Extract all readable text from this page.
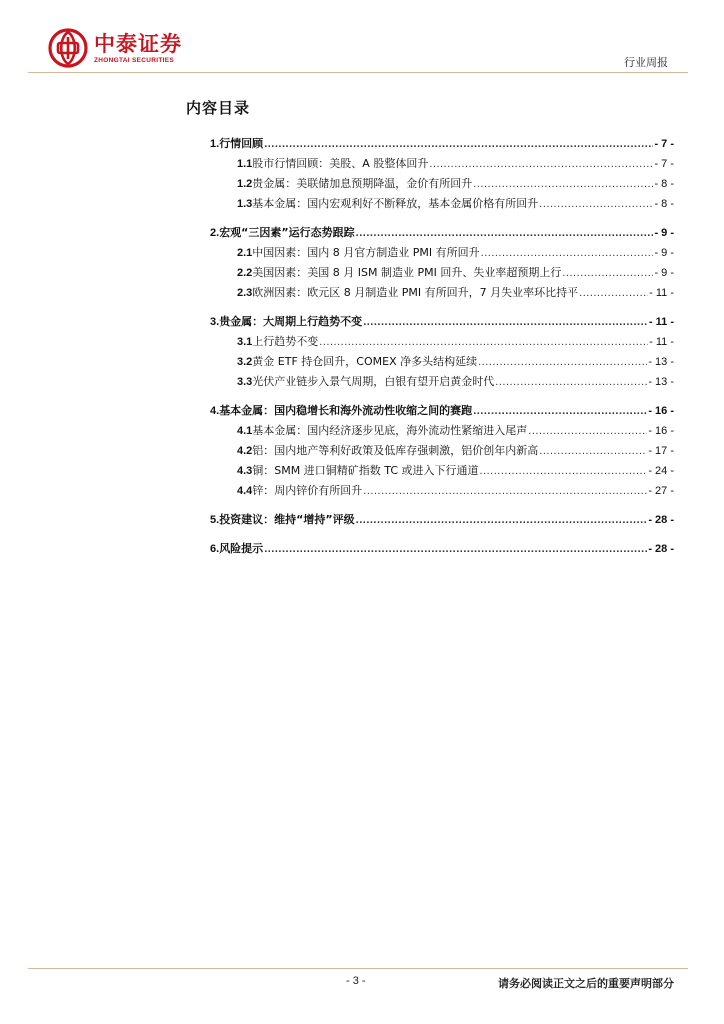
中泰证券
ZHONGTAI SECURITIES	行业周报
内容目录
1. 行情回顾 .....	- 7 -
1.1 股市行情回顾：美股、A 股整体回升 .....	- 7 -
1.2 贵金属：美联储加息预期降温，金价有所回升 .....	- 8 -
1.3 基本金属：国内宏观利好不断释放，基本金属价格有所回升 .....	- 8 -
2. 宏观“三因素”运行态势跟踪 .....	- 9 -
2.1 中国因素：国内 8 月官方制造业 PMI 有所回升 .....	- 9 -
2.2 美国因素：美国 8 月 ISM 制造业 PMI 回升、失业率超预期上行 .....	- 9 -
2.3 欧洲因素：欧元区 8 月制造业 PMI 有所回升，7 月失业率环比持平 .....	- 11 -
3. 贵金属：大周期上行趋势不变 .....	- 11 -
3.1 上行趋势不变 .....	- 11 -
3.2 黄金 ETF 持仓回升，COMEX 净多头结构延续 .....	- 13 -
3.3 光伏产业链步入景气周期，白银有望开启黄金时代 .....	- 13 -
4. 基本金属：国内稳增长和海外流动性收缩之间的赛跑 .....	- 16 -
4.1 基本金属：国内经济逐步见底，海外流动性紧缩进入尾声 .....	- 16 -
4.2 铝：国内地产等利好政策及低库存强刺激，铝价创年内新高 .....	- 17 -
4.3 铜：SMM 进口铜精矿指数 TC 或进入下行通道 .....	- 24 -
4.4 锌：周内锌价有所回升 .....	- 27 -
5. 投资建议：维持“增持”评级 .....	- 28 -
6. 风险提示 .....	- 28 -
- 3 -	请务必阅读正文之后的重要声明部分
